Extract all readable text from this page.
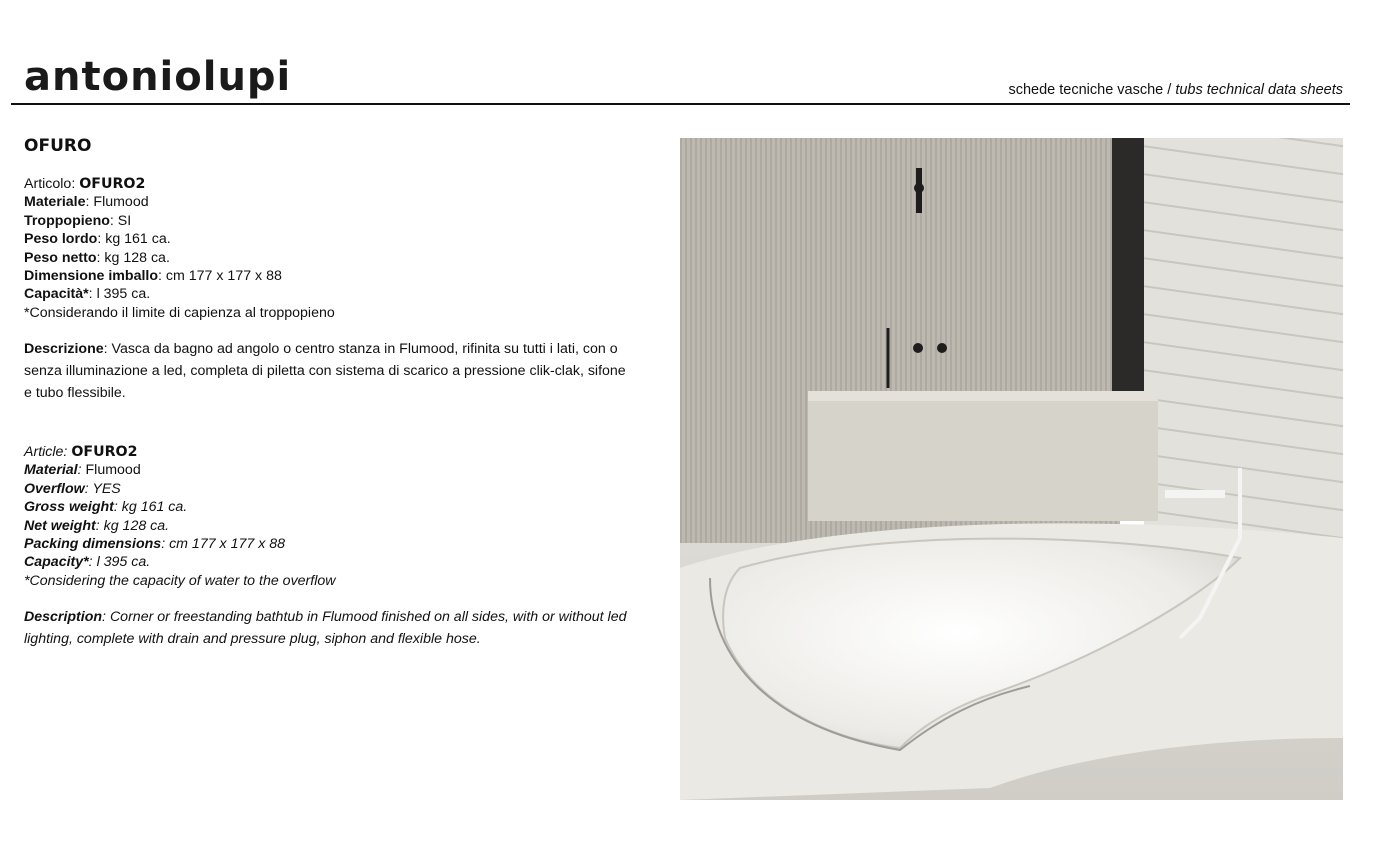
antoniolupi	schede tecniche vasche / tubs technical data sheets
OFURO
Articolo: OFURO2
Materiale: Flumood
Troppopieno: SI
Peso lordo: kg 161 ca.
Peso netto: kg 128 ca.
Dimensione imballo: cm 177 x 177 x 88
Capacità*: l 395 ca.
*Considerando il limite di capienza al troppopieno
Descrizione: Vasca da bagno ad angolo o centro stanza in Flumood, rifinita su tutti i lati, con o senza illuminazione a led, completa di piletta con sistema di scarico a pressione clik-clak, sifone e tubo flessibile.
Article: OFURO2
Material: Flumood
Overflow: YES
Gross weight: kg 161 ca.
Net weight: kg 128 ca.
Packing dimensions: cm 177 x 177 x 88
Capacity*: l 395 ca.
*Considering the capacity of water to the overflow
Description: Corner or freestanding bathtub in Flumood finished on all sides, with or without led lighting, complete with drain and pressure plug, siphon and flexible hose.
